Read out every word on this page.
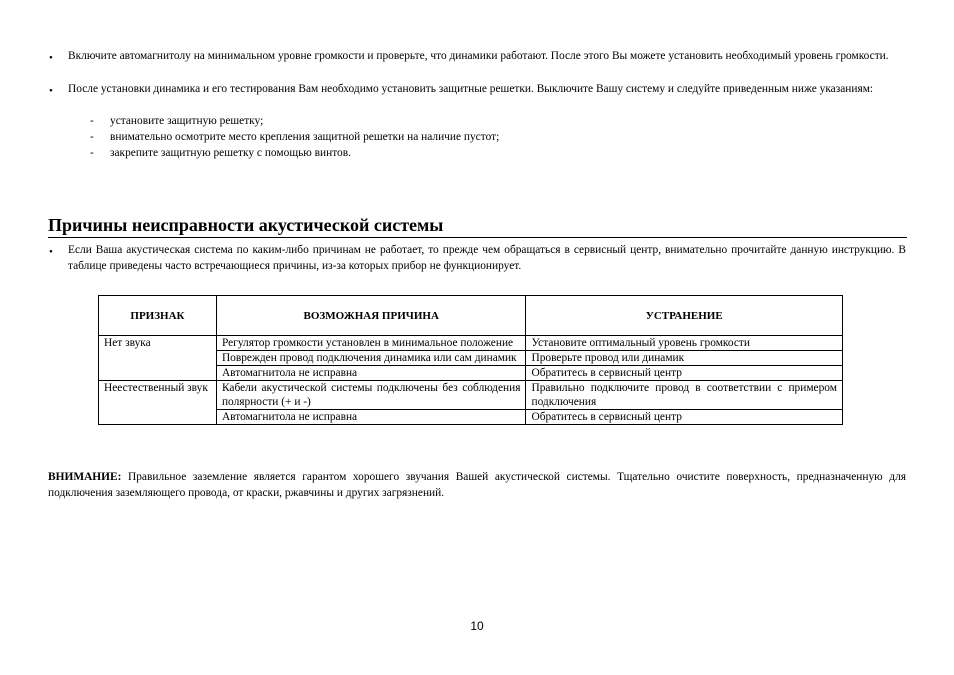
• Включите автомагнитолу на минимальном уровне громкости и проверьте, что динамики работают. После этого Вы можете установить необходимый уровень громкости.
• После установки динамика и его тестирования Вам необходимо установить защитные решетки. Выключите Вашу систему и следуйте приведенным ниже указаниям:
- установите защитную решетку;
- внимательно осмотрите место крепления защитной решетки на наличие пустот;
- закрепите защитную решетку с помощью винтов.
Причины неисправности акустической системы
• Если Ваша акустическая система по каким-либо причинам не работает, то прежде чем обращаться в сервисный центр, внимательно прочитайте данную инструкцию. В таблице приведены часто встречающиеся причины, из-за которых прибор не функционирует.
ПРИЗНАК	ВОЗМОЖНАЯ ПРИЧИНА	УСТРАНЕНИЕ
Нет звука	Регулятор громкости установлен в минимальное положение	Установите оптимальный уровень громкости
	Поврежден провод подключения динамика или сам динамик	Проверьте провод или динамик
	Автомагнитола не исправна	Обратитесь в сервисный центр
Неестественный звук	Кабели акустической системы подключены без соблюдения полярности (+ и -)	Правильно подключите провод в соответствии с примером подключения
	Автомагнитола не исправна	Обратитесь в сервисный центр
ВНИМАНИЕ: Правильное заземление является гарантом хорошего звучания Вашей акустической системы. Тщательно очистите поверхность, предназначенную для подключения заземляющего провода, от краски, ржавчины и других загрязнений.
10
